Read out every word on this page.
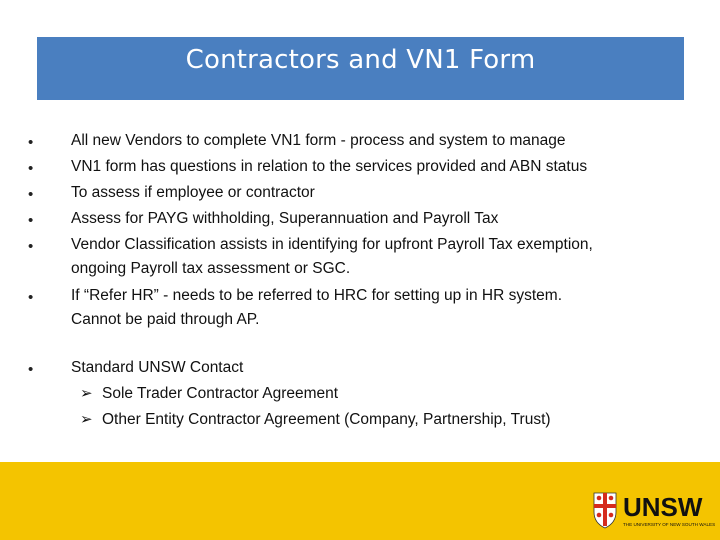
Contractors and VN1 Form
• All new Vendors to complete VN1 form - process and system to manage
• VN1 form has questions in relation to the services provided and ABN status
• To assess if employee or contractor
• Assess for PAYG withholding, Superannuation and Payroll Tax
• Vendor Classification assists in identifying for upfront Payroll Tax exemption,
ongoing Payroll tax assessment or SGC.
• If “Refer HR” - needs to be referred to HRC for setting up in HR system.
Cannot be paid through AP.
• Standard UNSW Contact
➢ Sole Trader Contractor Agreement
➢ Other Entity Contractor Agreement (Company, Partnership, Trust)
UNSW
THE UNIVERSITY OF NEW SOUTH WALES
